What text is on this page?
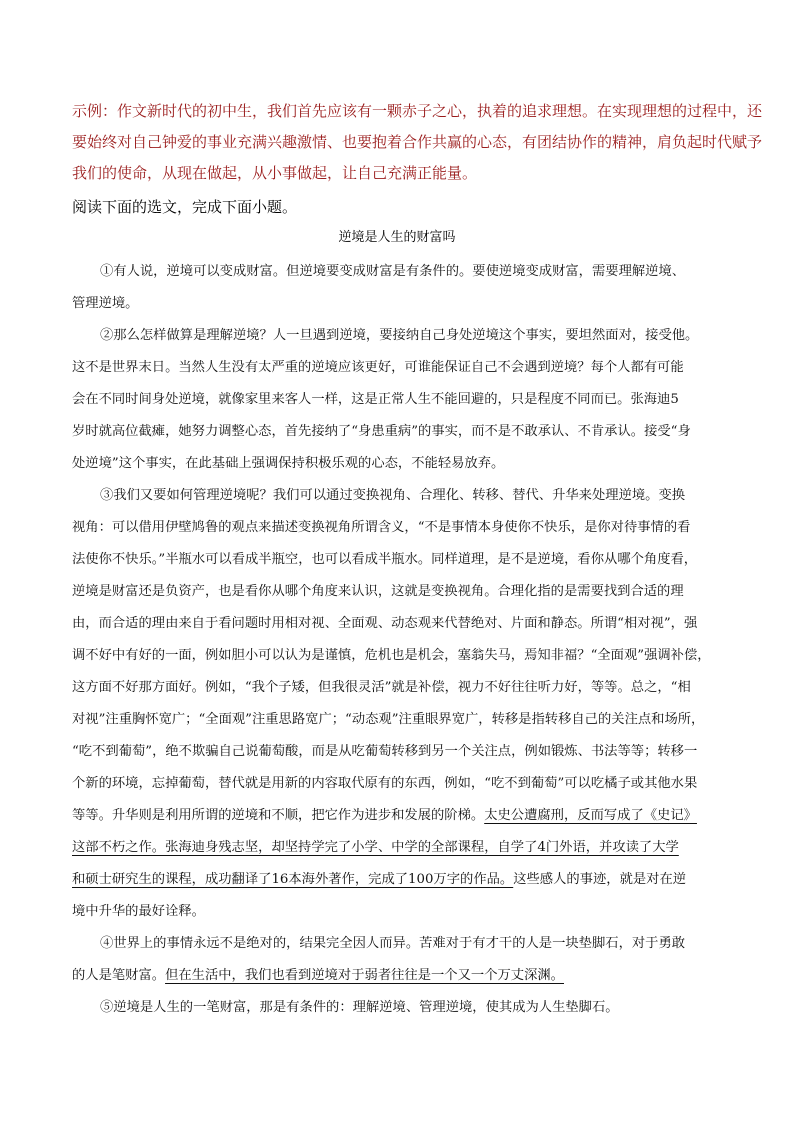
示例：作文新时代的初中生，我们首先应该有一颗赤子之心，执着的追求理想。在实现理想的过程中，还
要始终对自己钟爱的事业充满兴趣激情、也要抱着合作共赢的心态，有团结协作的精神，肩负起时代赋予
我们的使命，从现在做起，从小事做起，让自己充满正能量。
阅读下面的选文，完成下面小题。
逆境是人生的财富吗
①有人说，逆境可以变成财富。但逆境要变成财富是有条件的。要使逆境变成财富，需要理解逆境、
管理逆境。
②那么怎样做算是理解逆境？人一旦遇到逆境，要接纳自己身处逆境这个事实，要坦然面对，接受他。
这不是世界末日。当然人生没有太严重的逆境应该更好，可谁能保证自己不会遇到逆境？每个人都有可能
会在不同时间身处逆境，就像家里来客人一样，这是正常人生不能回避的，只是程度不同而已。张海迪5
岁时就高位截瘫，她努力调整心态，首先接纳了“身患重病”的事实，而不是不敢承认、不肯承认。接受“身
处逆境”这个事实，在此基础上强调保持积极乐观的心态，不能轻易放弃。
③我们又要如何管理逆境呢？我们可以通过变换视角、合理化、转移、替代、升华来处理逆境。变换
视角：可以借用伊壁鸠鲁的观点来描述变换视角所谓含义，“不是事情本身使你不快乐，是你对待事情的看
法使你不快乐。”半瓶水可以看成半瓶空，也可以看成半瓶水。同样道理，是不是逆境，看你从哪个角度看，
逆境是财富还是负资产，也是看你从哪个角度来认识，这就是变换视角。合理化指的是需要找到合适的理
由，而合适的理由来自于看问题时用相对视、全面观、动态观来代替绝对、片面和静态。所谓“相对视”，强
调不好中有好的一面，例如胆小可以认为是谨慎，危机也是机会，塞翁失马，焉知非福？“全面观”强调补偿，
这方面不好那方面好。例如，“我个子矮，但我很灵活”就是补偿，视力不好往往听力好，等等。总之，“相
对视”注重胸怀宽广；“全面观”注重思路宽广；“动态观”注重眼界宽广，转移是指转移自己的关注点和场所，
“吃不到葡萄”，绝不欺骗自己说葡萄酸，而是从吃葡萄转移到另一个关注点，例如锻炼、书法等等；转移一
个新的环境，忘掉葡萄，替代就是用新的内容取代原有的东西，例如，“吃不到葡萄”可以吃橘子或其他水果
等等。升华则是利用所谓的逆境和不顺，把它作为进步和发展的阶梯。太史公遭腐刑，反而写成了《史记》
这部不朽之作。张海迪身残志坚，却坚持学完了小学、中学的全部课程，自学了4门外语，并攻读了大学
和硕士研究生的课程，成功翻译了16本海外著作，完成了100万字的作品。这些感人的事迹，就是对在逆
境中升华的最好诠释。
④世界上的事情永远不是绝对的，结果完全因人而异。苦难对于有才干的人是一块垫脚石，对于勇敢
的人是笔财富。但在生活中，我们也看到逆境对于弱者往往是一个又一个万丈深渊。
⑤逆境是人生的一笔财富，那是有条件的：理解逆境、管理逆境，使其成为人生垫脚石。
